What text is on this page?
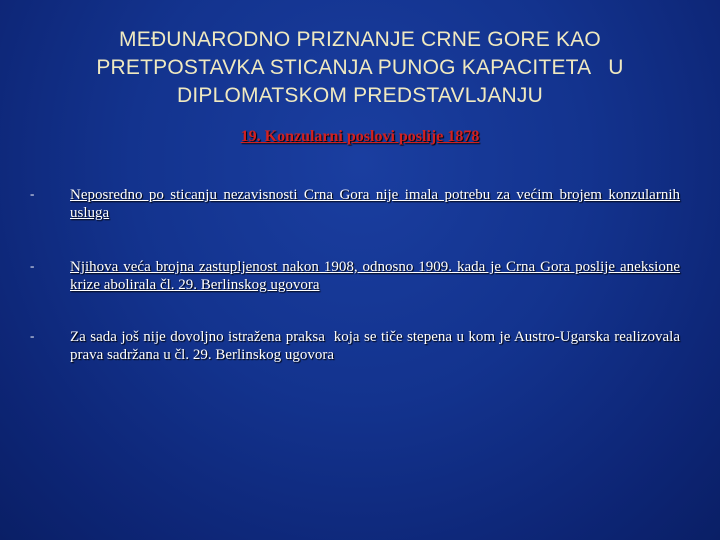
MEĐUNARODNO PRIZNANJE CRNE GORE KAO
PRETPOSTAVKA STICANJA PUNOG KAPACITETA   U
DIPLOMATSKOM PREDSTAVLJANJU
19. Konzularni poslovi poslije 1878
- Neposredno po sticanju nezavisnosti Crna Gora nije imala potrebu za većim brojem konzularnih usluga
- Njihova veća brojna zastupljenost nakon 1908, odnosno 1909. kada je Crna Gora poslije aneksione krize abolirala čl. 29. Berlinskog ugovora
- Za sada još nije dovoljno istražena praksa  koja se tiče stepena u kom je Austro-Ugarska realizovala prava sadržana u čl. 29. Berlinskog ugovora
